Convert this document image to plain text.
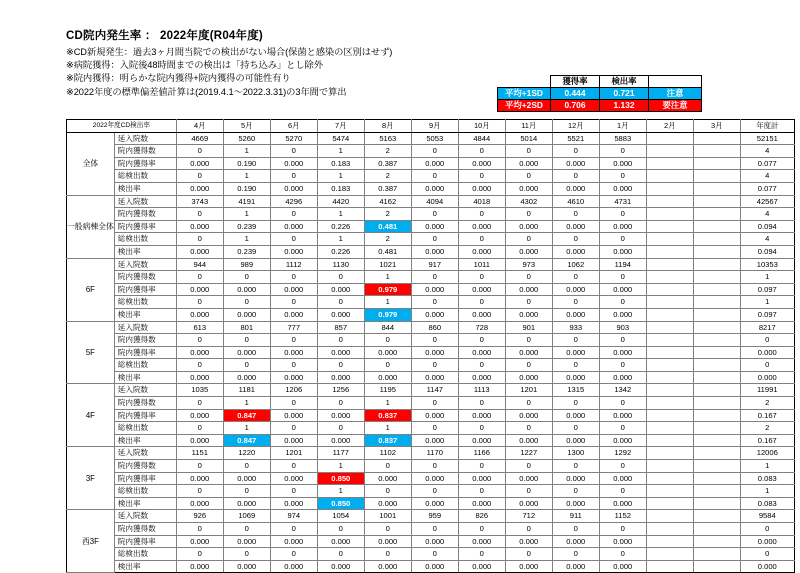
CD院内発生率 ： 2022年度(R04年度)
※CD新規発生：過去3ヶ月間当院での検出がない場合(保菌と感染の区別はせず)
※病院獲得：入院後48時間までの検出は「持ち込み」とし除外
※院内獲得：明らかな院内獲得+院内獲得の可能性有り
※2022年度の標準偏差値計算は(2019.4.1～2022.3.31)の3年間で算出
	獲得率	検出率	
平均+1SD	0.444	0.721	注意
平均+2SD	0.706	1.132	要注意
2022年度CD検出率		4月	5月	6月	7月	8月	9月	10月	11月	12月	1月	2月	3月	年度計
全体	延入院数	4669	5260	5270	5474	5163	5053	4844	5014	5521	5883			52151
	院内獲得数	0	1	0	1	2	0	0	0	0	0			4
	院内獲得率	0.000	0.190	0.000	0.183	0.387	0.000	0.000	0.000	0.000	0.000			0.077
	総検出数	0	1	0	1	2	0	0	0	0	0			4
	検出率	0.000	0.190	0.000	0.183	0.387	0.000	0.000	0.000	0.000	0.000			0.077
一般病棟全体	延入院数	3743	4191	4296	4420	4162	4094	4018	4302	4610	4731			42567
	院内獲得数	0	1	0	1	2	0	0	0	0	0			4
	院内獲得率	0.000	0.239	0.000	0.226	0.481	0.000	0.000	0.000	0.000	0.000			0.094
	総検出数	0	1	0	1	2	0	0	0	0	0			4
	検出率	0.000	0.239	0.000	0.226	0.481	0.000	0.000	0.000	0.000	0.000			0.094
6F	延入院数	944	989	1112	1130	1021	917	1011	973	1062	1194			10353
	院内獲得数	0	0	0	0	1	0	0	0	0	0			1
	院内獲得率	0.000	0.000	0.000	0.000	0.979	0.000	0.000	0.000	0.000	0.000			0.097
	総検出数	0	0	0	0	1	0	0	0	0	0			1
	検出率	0.000	0.000	0.000	0.000	0.979	0.000	0.000	0.000	0.000	0.000			0.097
5F	延入院数	613	801	777	857	844	860	728	901	933	903			8217
	院内獲得数	0	0	0	0	0	0	0	0	0	0			0
	院内獲得率	0.000	0.000	0.000	0.000	0.000	0.000	0.000	0.000	0.000	0.000			0.000
	総検出数	0	0	0	0	0	0	0	0	0	0			0
	検出率	0.000	0.000	0.000	0.000	0.000	0.000	0.000	0.000	0.000	0.000			0.000
4F	延入院数	1035	1181	1206	1256	1195	1147	1113	1201	1315	1342			11991
	院内獲得数	0	1	0	0	1	0	0	0	0	0			2
	院内獲得率	0.000	0.847	0.000	0.000	0.837	0.000	0.000	0.000	0.000	0.000			0.167
	総検出数	0	1	0	0	1	0	0	0	0	0			2
	検出率	0.000	0.847	0.000	0.000	0.837	0.000	0.000	0.000	0.000	0.000			0.167
3F	延入院数	1151	1220	1201	1177	1102	1170	1166	1227	1300	1292			12006
	院内獲得数	0	0	0	1	0	0	0	0	0	0			1
	院内獲得率	0.000	0.000	0.000	0.850	0.000	0.000	0.000	0.000	0.000	0.000			0.083
	総検出数	0	0	0	1	0	0	0	0	0	0			1
	検出率	0.000	0.000	0.000	0.850	0.000	0.000	0.000	0.000	0.000	0.000			0.083
西3F	延入院数	926	1069	974	1054	1001	959	826	712	911	1152			9584
	院内獲得数	0	0	0	0	0	0	0	0	0	0			0
	院内獲得率	0.000	0.000	0.000	0.000	0.000	0.000	0.000	0.000	0.000	0.000			0.000
	総検出数	0	0	0	0	0	0	0	0	0	0			0
	検出率	0.000	0.000	0.000	0.000	0.000	0.000	0.000	0.000	0.000	0.000			0.000
